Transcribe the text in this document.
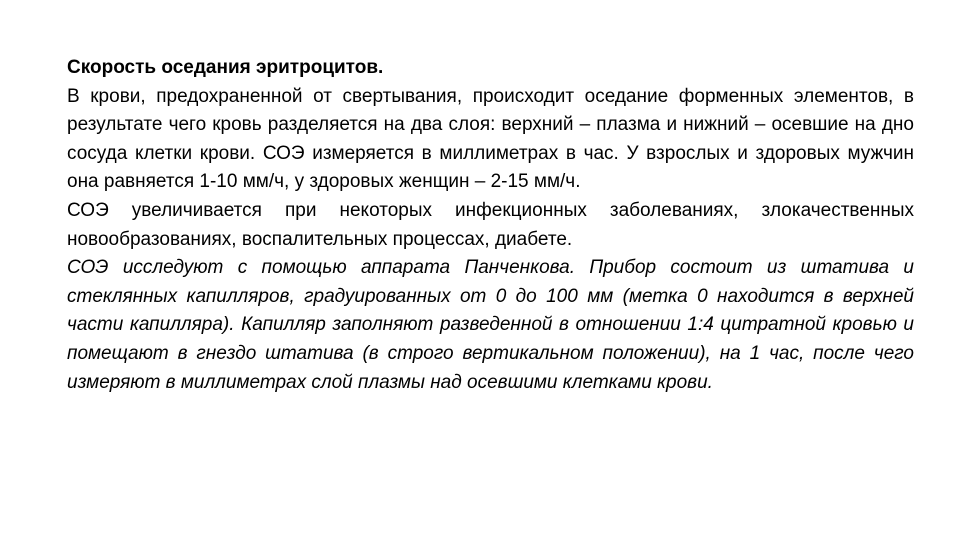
Скорость оседания эритроцитов.

В крови, предохраненной от свертывания, происходит оседание форменных элементов, в результате чего кровь разделяется на два слоя: верхний – плазма и нижний – осевшие на дно сосуда клетки крови. СОЭ измеряется в миллиметрах в час. У взрослых и здоровых мужчин она равняется 1-10 мм/ч, у здоровых женщин – 2-15 мм/ч.

СОЭ увеличивается при некоторых инфекционных заболеваниях, злокачественных новообразованиях, воспалительных процессах, диабете.

СОЭ исследуют с помощью аппарата Панченкова. Прибор состоит из штатива и стеклянных капилляров, градуированных от 0 до 100 мм (метка 0 находится в верхней части капилляра). Капилляр заполняют разведенной в отношении 1:4 цитратной кровью и помещают в гнездо штатива (в строго вертикальном положении), на 1 час, после чего измеряют в миллиметрах слой плазмы над осевшими клетками крови.
